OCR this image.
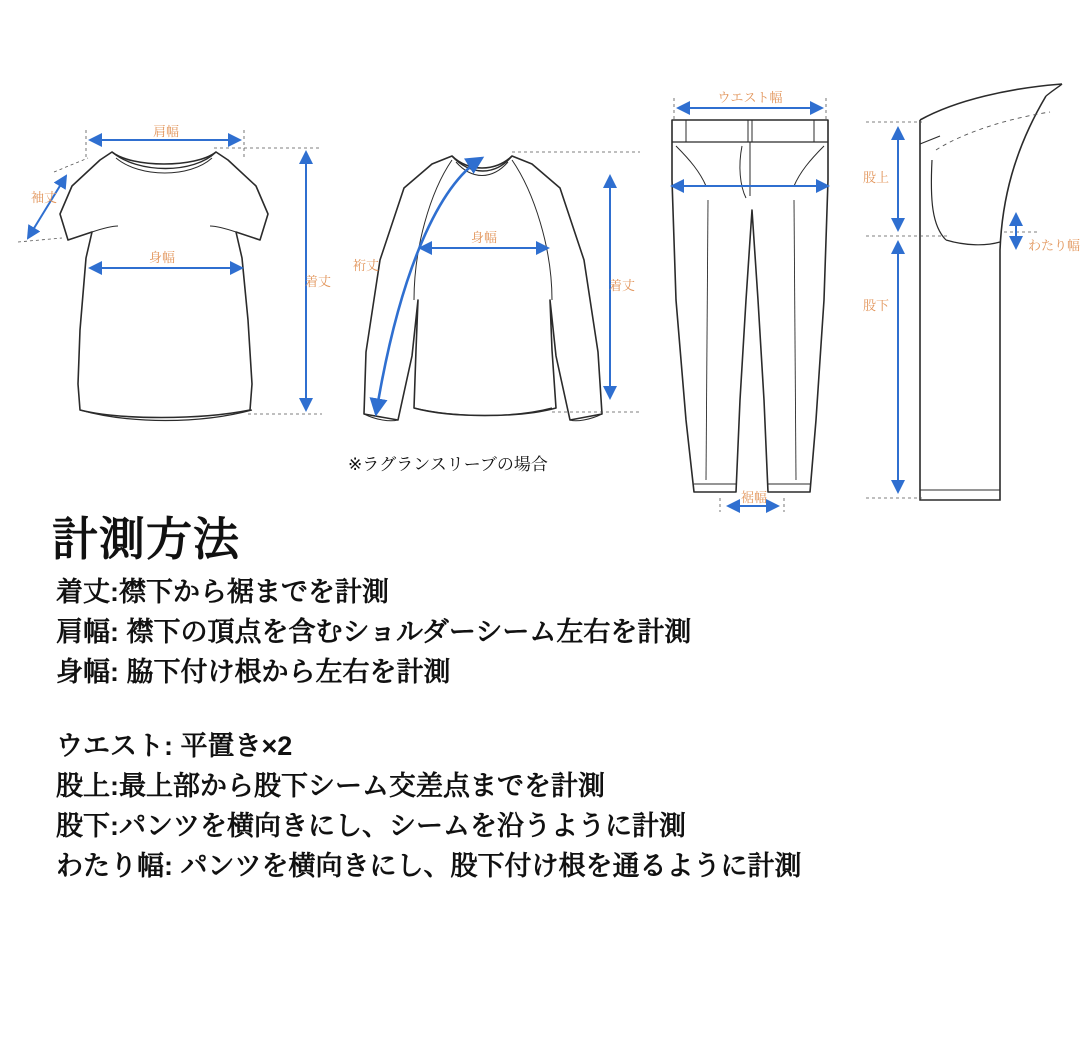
肩幅
袖丈
身幅
着丈
裄丈
身幅
着丈
※ラグランスリーブの場合
ウエスト幅
裾幅
股上
股下
わたり幅
計測方法
着丈:襟下から裾までを計測
肩幅: 襟下の頂点を含むショルダーシーム左右を計測
身幅: 脇下付け根から左右を計測
ウエスト: 平置き×2
股上:最上部から股下シーム交差点までを計測
股下:パンツを横向きにし、シームを沿うように計測
わたり幅: パンツを横向きにし、股下付け根を通るように計測
